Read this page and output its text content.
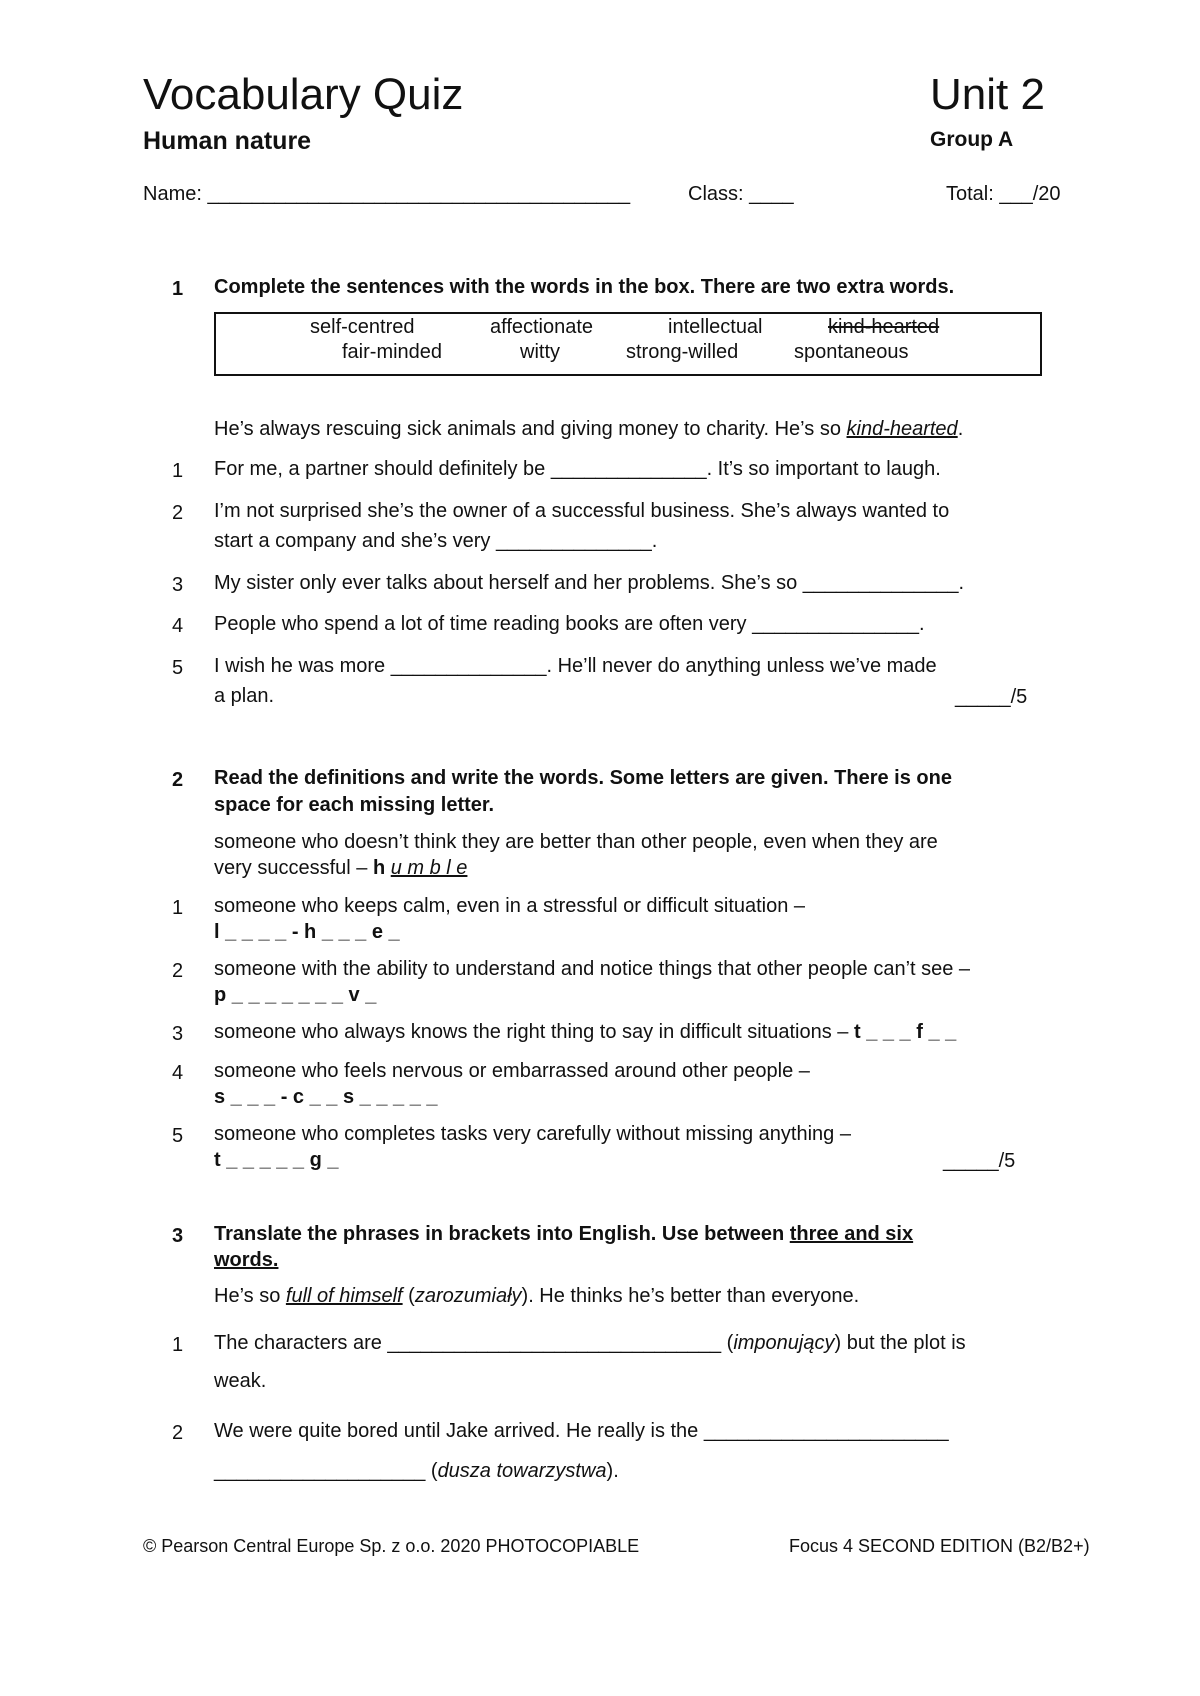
Vocabulary Quiz	Unit 2
Human nature	Group A
Name: ______________________________________	Class: ____	Total: ___/20
1 Complete the sentences with the words in the box. There are two extra words.
self-centred	affectionate	intellectual	kind-hearted
fair-minded	witty	strong-willed	spontaneous
He’s always rescuing sick animals and giving money to charity. He’s so kind-hearted.
1 For me, a partner should definitely be ______________. It’s so important to laugh.
2 I’m not surprised she’s the owner of a successful business. She’s always wanted to
start a company and she’s very ______________.
3 My sister only ever talks about herself and her problems. She’s so ______________.
4 People who spend a lot of time reading books are often very _______________.
5 I wish he was more ______________. He’ll never do anything unless we’ve made
a plan.	_____/5
2 Read the definitions and write the words. Some letters are given. There is one
space for each missing letter.
someone who doesn’t think they are better than other people, even when they are
very successful – h u m b l e
1 someone who keeps calm, even in a stressful or difficult situation –
l _ _ _ _ - h _ _ _ e _
2 someone with the ability to understand and notice things that other people can’t see –
p _ _ _ _ _ _ _ v _
3 someone who always knows the right thing to say in difficult situations – t _ _ _ f _ _
4 someone who feels nervous or embarrassed around other people –
s _ _ _ - c _ _ s _ _ _ _ _
5 someone who completes tasks very carefully without missing anything –
t _ _ _ _ _ g _	_____/5
3 Translate the phrases in brackets into English. Use between three and six
words.
He’s so full of himself (zarozumiały). He thinks he’s better than everyone.
1 The characters are ______________________________ (imponujący) but the plot is
weak.
2 We were quite bored until Jake arrived. He really is the ______________________
___________________ (dusza towarzystwa).
© Pearson Central Europe Sp. z o.o. 2020 PHOTOCOPIABLE	Focus 4 SECOND EDITION (B2/B2+)
